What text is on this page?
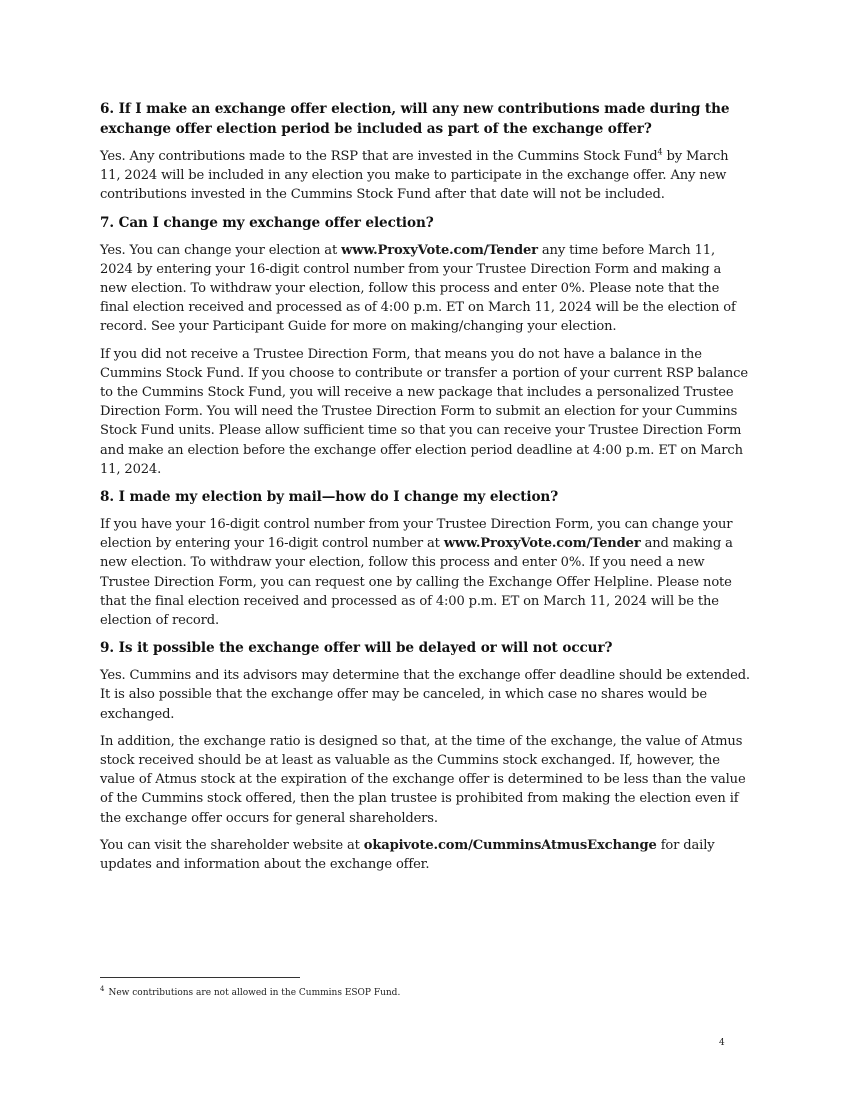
6. If I make an exchange offer election, will any new contributions made during the exchange offer election period be included as part of the exchange offer?

Yes. Any contributions made to the RSP that are invested in the Cummins Stock Fund$^4$ by March 11, 2024 will be included in any election you make to participate in the exchange offer. Any new contributions invested in the Cummins Stock Fund after that date will not be included.

7. Can I change my exchange offer election?

Yes. You can change your election at www.ProxyVote.com/Tender any time before March 11, 2024 by entering your 16-digit control number from your Trustee Direction Form and making a new election. To withdraw your election, follow this process and enter 0%. Please note that the final election received and processed as of 4:00 p.m. ET on March 11, 2024 will be the election of record. See your Participant Guide for more on making/changing your election.

If you did not receive a Trustee Direction Form, that means you do not have a balance in the Cummins Stock Fund. If you choose to contribute or transfer a portion of your current RSP balance to the Cummins Stock Fund, you will receive a new package that includes a personalized Trustee Direction Form. You will need the Trustee Direction Form to submit an election for your Cummins Stock Fund units. Please allow sufficient time so that you can receive your Trustee Direction Form and make an election before the exchange offer election period deadline at 4:00 p.m. ET on March 11, 2024.

8. I made my election by mail—how do I change my election?

If you have your 16-digit control number from your Trustee Direction Form, you can change your election by entering your 16-digit control number at www.ProxyVote.com/Tender and making a new election. To withdraw your election, follow this process and enter 0%. If you need a new Trustee Direction Form, you can request one by calling the Exchange Offer Helpline. Please note that the final election received and processed as of 4:00 p.m. ET on March 11, 2024 will be the election of record.

9. Is it possible the exchange offer will be delayed or will not occur?

Yes. Cummins and its advisors may determine that the exchange offer deadline should be extended. It is also possible that the exchange offer may be canceled, in which case no shares would be exchanged.

In addition, the exchange ratio is designed so that, at the time of the exchange, the value of Atmus stock received should be at least as valuable as the Cummins stock exchanged. If, however, the value of Atmus stock at the expiration of the exchange offer is determined to be less than the value of the Cummins stock offered, then the plan trustee is prohibited from making the election even if the exchange offer occurs for general shareholders.

You can visit the shareholder website at okapivote.com/CumminsAtmusExchange for daily updates and information about the exchange offer.

$^4$ New contributions are not allowed in the Cummins ESOP Fund.
4
